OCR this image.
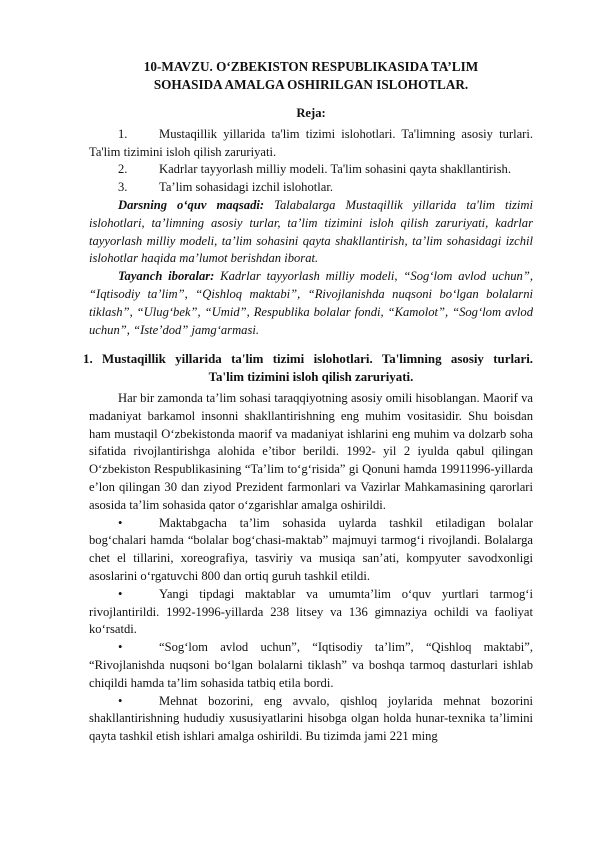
10-MAVZU. O‘ZBEKISTON RESPUBLIKASIDA TA’LIM
SOHASIDA AMALGA OSHIRILGAN ISLOHOTLAR.
Reja:

1.	Mustaqillik yillarida ta'lim tizimi islohotlari. Ta'limning asosiy turlari. Ta'lim tizimini isloh qilish zaruriyati.

2.	Kadrlar tayyorlash milliy modeli. Ta'lim sohasini qayta shakllantirish.

3.	Ta’lim sohasidagi izchil islohotlar.

Darsning o‘quv maqsadi: Talabalarga Mustaqillik yillarida ta'lim tizimi islohotlari, ta’limning asosiy turlar, ta’lim tizimini isloh qilish zaruriyati, kadrlar tayyorlash milliy modeli, ta’lim sohasini qayta shakllantirish, ta’lim sohasidagi izchil islohotlar haqida ma’lumot berishdan iborat.

Tayanch iboralar: Kadrlar tayyorlash milliy modeli, “Sog‘lom avlod uchun”, “Iqtisodiy ta’lim”, “Qishloq maktabi”, “Rivojlanishda nuqsoni bo‘lgan bolalarni tiklash”, “Ulug‘bek”, “Umid”, Respublika bolalar fondi, “Kamolot”, “Sog‘lom avlod uchun”, “Iste’dod” jamg‘armasi.

1. Mustaqillik yillarida ta'lim tizimi islohotlari. Ta'limning asosiy turlari.
Ta'lim tizimini isloh qilish zaruriyati.

Har bir zamonda ta’lim sohasi taraqqiyotning asosiy omili hisoblangan. Maorif va madaniyat barkamol insonni shakllantirishning eng muhim vositasidir. Shu boisdan ham mustaqil O‘zbekistonda maorif va madaniyat ishlarini eng muhim va dolzarb soha sifatida rivojlantirishga alohida e’tibor berildi. 1992- yil 2 iyulda qabul qilingan O‘zbekiston Respublikasining “Ta’lim to‘g‘risida” gi Qonuni hamda 19911996-yillarda e’lon qilingan 30 dan ziyod Prezident farmonlari va Vazirlar Mahkamasining qarorlari asosida ta’lim sohasida qator o‘zgarishlar amalga oshirildi.

•	Maktabgacha ta’lim sohasida uylarda tashkil etiladigan bolalar bog‘chalari hamda “bolalar bog‘chasi-maktab” majmuyi tarmog‘i rivojlandi. Bolalarga chet el tillarini, xoreografiya, tasviriy va musiqa san’ati, kompyuter savodxonligi asoslarini o‘rgatuvchi 800 dan ortiq guruh tashkil etildi.

•	Yangi tipdagi maktablar va umumta’lim o‘quv yurtlari tarmog‘i rivojlantirildi. 1992-1996-yillarda 238 litsey va 136 gimnaziya ochildi va faoliyat ko‘rsatdi.

•	“Sog‘lom avlod uchun”, “Iqtisodiy ta’lim”, “Qishloq maktabi”, “Rivojlanishda nuqsoni bo‘lgan bolalarni tiklash” va boshqa tarmoq dasturlari ishlab chiqildi hamda ta’lim sohasida tatbiq etila bordi.

•	Mehnat bozorini, eng avvalo, qishloq joylarida mehnat bozorini shakllantirishning hududiy xususiyatlarini hisobga olgan holda hunar-texnika ta’limini qayta tashkil etish ishlari amalga oshirildi. Bu tizimda jami 221 ming
